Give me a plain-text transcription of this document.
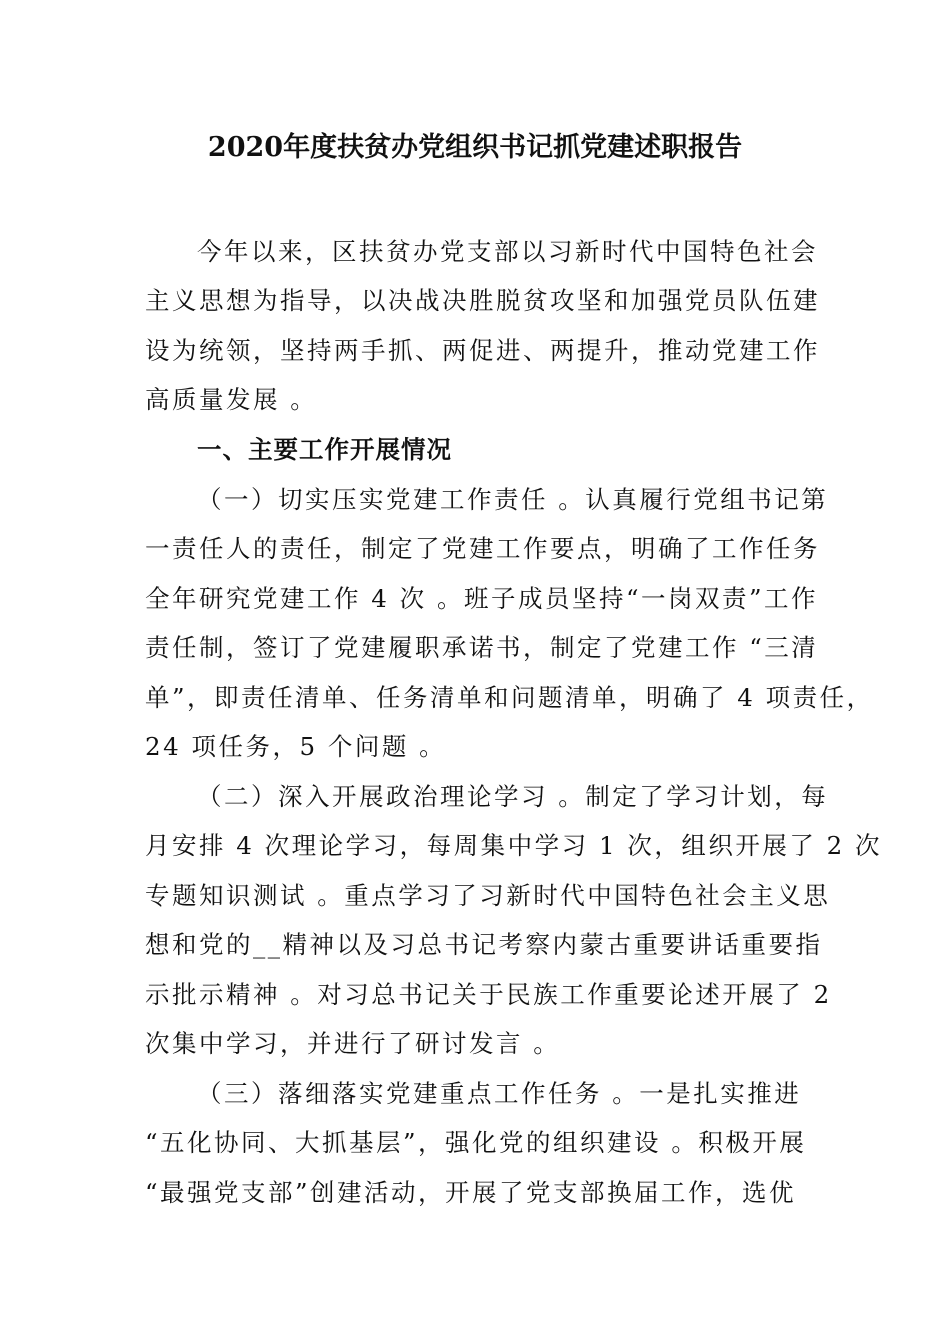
2020年度扶贫办党组织书记抓党建述职报告
今年以来，区扶贫办党支部以习新时代中国特色社会
主义思想为指导，以决战决胜脱贫攻坚和加强党员队伍建
设为统领，坚持两手抓、两促进、两提升，推动党建工作
高质量发展 。
一、主要工作开展情况
（一）切实压实党建工作责任 。认真履行党组书记第
一责任人的责任，制定了党建工作要点，明确了工作任务
全年研究党建工作 4 次 。班子成员坚持“一岗双责”工作
责任制，签订了党建履职承诺书，制定了党建工作 “三清
单”，即责任清单、任务清单和问题清单，明确了 4 项责任，
24 项任务，5 个问题 。
（二）深入开展政治理论学习 。制定了学习计划，每
月安排 4 次理论学习，每周集中学习 1 次，组织开展了 2 次
专题知识测试 。重点学习了习新时代中国特色社会主义思
想和党的__精神以及习总书记考察内蒙古重要讲话重要指
示批示精神 。对习总书记关于民族工作重要论述开展了 2
次集中学习，并进行了研讨发言 。
（三）落细落实党建重点工作任务 。一是扎实推进
“五化协同、大抓基层”，强化党的组织建设 。积极开展
“最强党支部”创建活动，开展了党支部换届工作，选优
